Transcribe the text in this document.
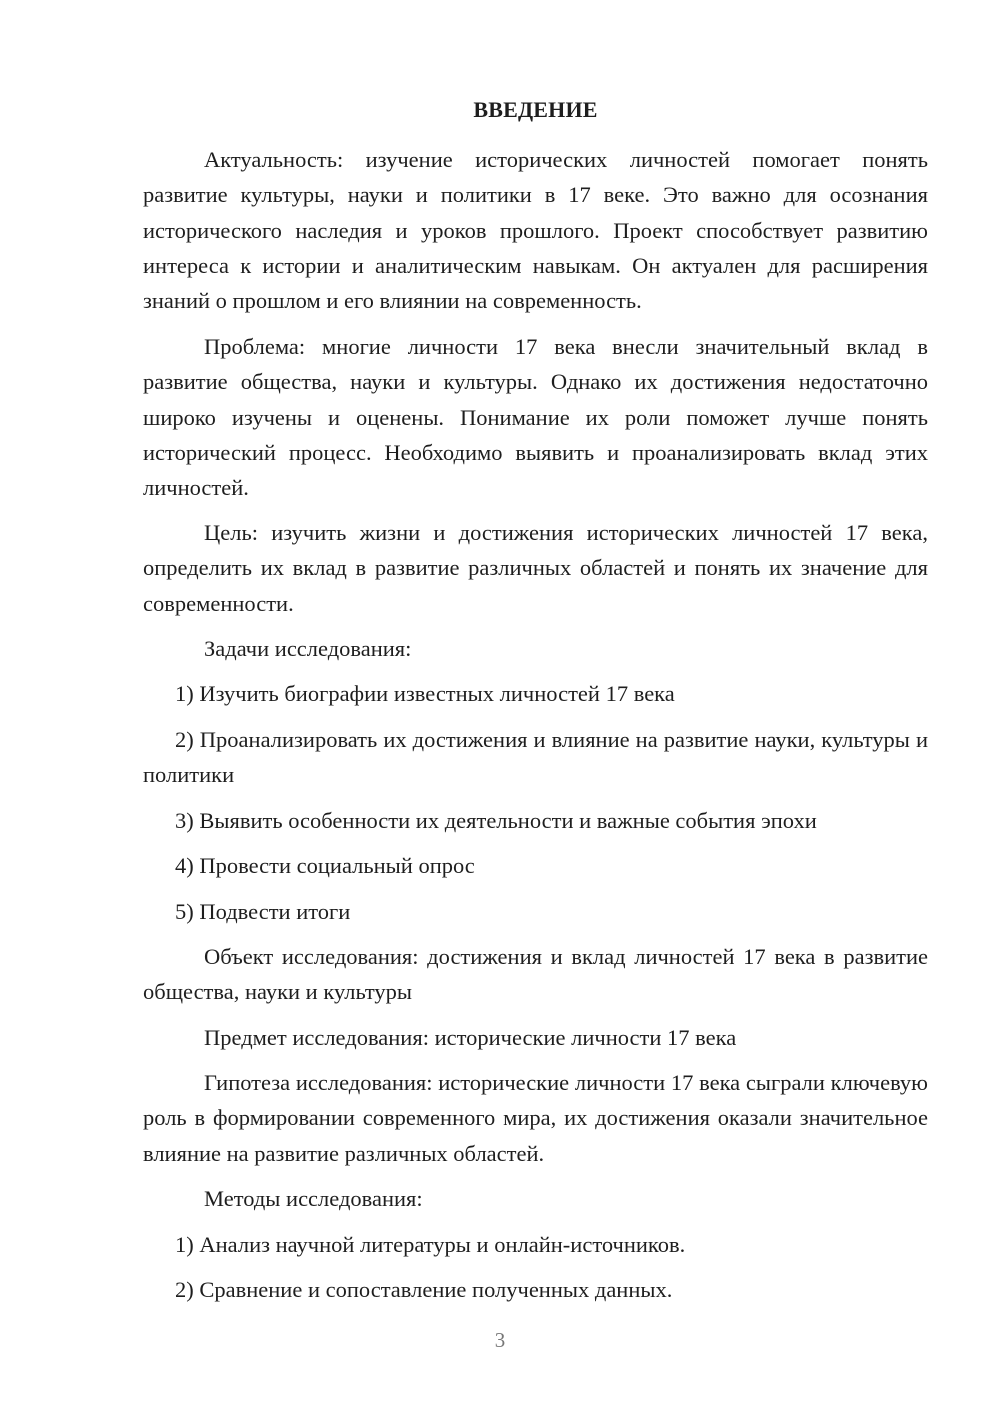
ВВЕДЕНИЕ

Актуальность: изучение исторических личностей помогает понять развитие культуры, науки и политики в 17 веке. Это важно для осознания исторического наследия и уроков прошлого. Проект способствует развитию интереса к истории и аналитическим навыкам. Он актуален для расширения знаний о прошлом и его влиянии на современность.

Проблема: многие личности 17 века внесли значительный вклад в развитие общества, науки и культуры. Однако их достижения недостаточно широко изучены и оценены. Понимание их роли поможет лучше понять исторический процесс. Необходимо выявить и проанализировать вклад этих личностей.

Цель: изучить жизни и достижения исторических личностей 17 века, определить их вклад в развитие различных областей и понять их значение для современности.

Задачи исследования:

1) Изучить биографии известных личностей 17 века

2) Проанализировать их достижения и влияние на развитие науки, культуры и политики

3) Выявить особенности их деятельности и важные события эпохи

4) Провести социальный опрос

5) Подвести итоги

Объект исследования: достижения и вклад личностей 17 века в развитие общества, науки и культуры

Предмет исследования: исторические личности 17 века

Гипотеза исследования: исторические личности 17 века сыграли ключевую роль в формировании современного мира, их достижения оказали значительное влияние на развитие различных областей.

Методы исследования:

1) Анализ научной литературы и онлайн-источников.

2) Сравнение и сопоставление полученных данных.

3
